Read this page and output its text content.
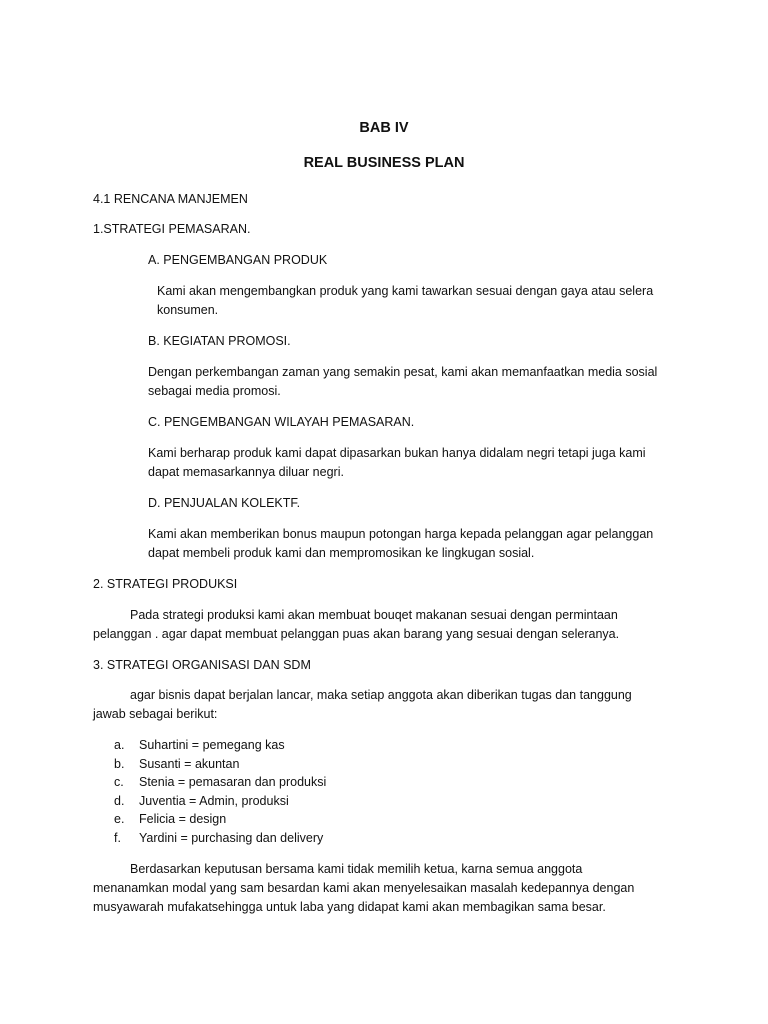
BAB IV
REAL BUSINESS PLAN

4.1 RENCANA MANJEMEN

1.STRATEGI PEMASARAN.

A. PENGEMBANGAN PRODUK

Kami akan mengembangkan produk yang kami tawarkan sesuai dengan gaya atau selera

konsumen.

B. KEGIATAN PROMOSI.

Dengan perkembangan zaman yang semakin pesat, kami akan memanfaatkan media sosial

sebagai media promosi.

C. PENGEMBANGAN WILAYAH PEMASARAN.

Kami berharap produk kami dapat dipasarkan bukan hanya didalam negri tetapi juga kami

dapat memasarkannya diluar negri.

D. PENJUALAN KOLEKTF.

Kami akan memberikan bonus maupun potongan harga kepada pelanggan agar pelanggan

dapat membeli produk kami dan mempromosikan ke lingkugan sosial.

2. STRATEGI PRODUKSI

Pada strategi produksi kami akan membuat bouqet makanan sesuai dengan permintaan

pelanggan . agar dapat membuat pelanggan puas akan barang yang sesuai dengan seleranya.

3. STRATEGI ORGANISASI DAN SDM

agar bisnis dapat berjalan lancar, maka setiap anggota akan diberikan tugas dan tanggung

jawab sebagai berikut:

a. Suhartini = pemegang kas
b. Susanti = akuntan
c. Stenia = pemasaran dan produksi
d. Juventia = Admin, produksi
e. Felicia = design
f. Yardini = purchasing dan delivery

Berdasarkan keputusan bersama kami tidak memilih ketua, karna semua anggota

menanamkan modal yang sam besardan kami akan menyelesaikan masalah kedepannya dengan

musyawarah mufakatsehingga untuk laba yang didapat kami akan membagikan sama besar.
